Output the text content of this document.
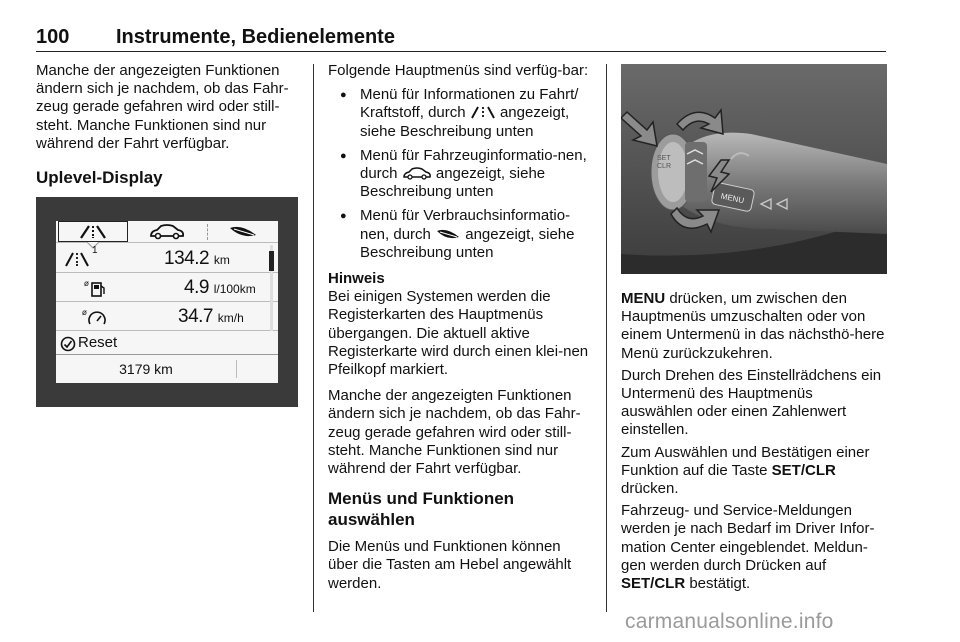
100 Instrumente, Bedienelemente

Manche der angezeigten Funktionen ändern sich je nachdem, ob das Fahr-zeug gerade gefahren wird oder still-steht. Manche Funktionen sind nur während der Fahrt verfügbar.

Uplevel-Display
1	134.2 km
ø	4.9 l/100km
ø	34.7 km/h
Reset
3179 km

Folgende Hauptmenüs sind verfüg-bar:

● Menü für Informationen zu Fahrt/ Kraftstoff, durch angezeigt, siehe Beschreibung unten
● Menü für Fahrzeuginformatio-nen, durch	angezeigt, siehe Beschreibung unten
● Menü für Verbrauchsinformatio-nen, durch angezeigt, siehe Beschreibung unten
Hinweis

Bei einigen Systemen werden die Registerkarten des Hauptmenüs übergangen. Die aktuell aktive Registerkarte wird durch einen klei-nen Pfeilkopf markiert.

Manche der angezeigten Funktionen ändern sich je nachdem, ob das Fahr-zeug gerade gefahren wird oder still-steht. Manche Funktionen sind nur während der Fahrt verfügbar.

Menüs und Funktionen auswählen

Die Menüs und Funktionen können über die Tasten am Hebel angewählt werden.

SET
CLR
MENU

MENU drücken, um zwischen den Hauptmenüs umzuschalten oder von einem Untermenü in das nächsthö-here Menü zurückzukehren.

Durch Drehen des Einstellrädchens ein Untermenü des Hauptmenüs auswählen oder einen Zahlenwert einstellen.

Zum Auswählen und Bestätigen einer Funktion auf die Taste SET/CLR drücken.

Fahrzeug- und Service-Meldungen werden je nach Bedarf im Driver Infor-mation Center eingeblendet. Meldun-gen werden durch Drücken auf SET/CLR bestätigt.

carmanualsonline.info
